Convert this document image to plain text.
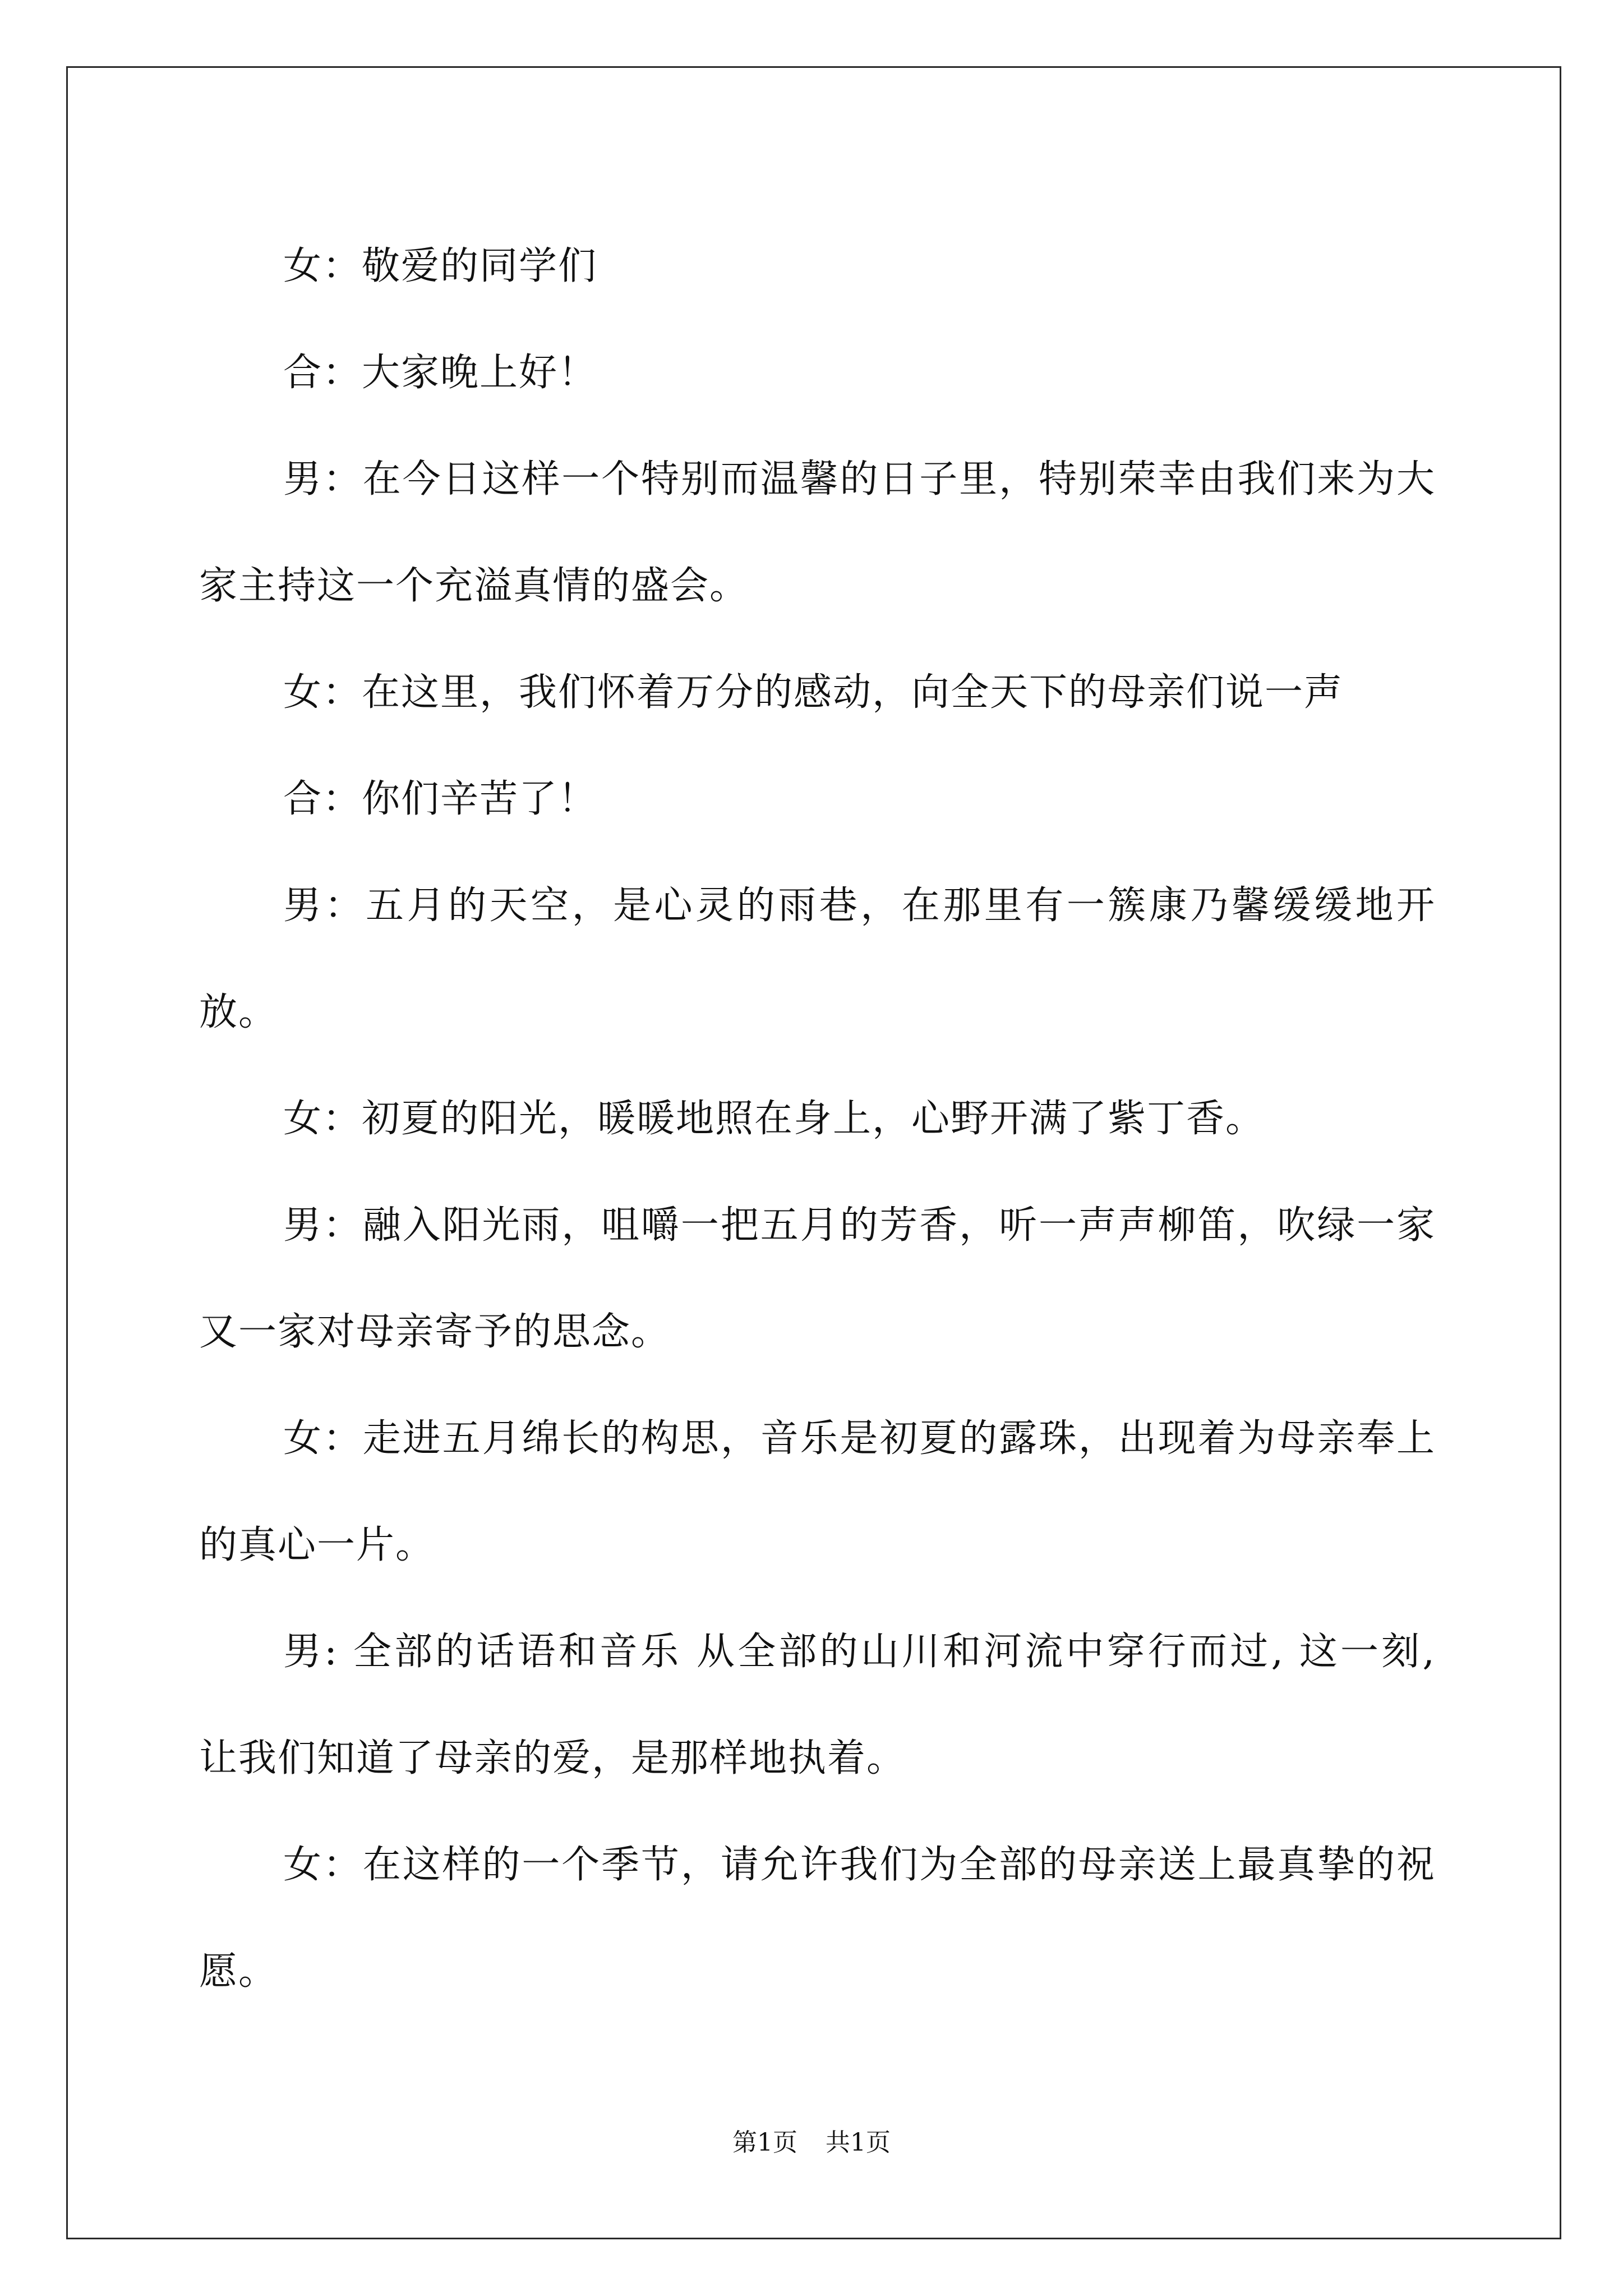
女：敬爱的同学们

合：大家晚上好！

男：在今日这样一个特别而温馨的日子里，特别荣幸由我们来为大家主持这一个充溢真情的盛会。

女：在这里，我们怀着万分的感动，向全天下的母亲们说一声

合：你们辛苦了！

男：五月的天空，是心灵的雨巷，在那里有一簇康乃馨缓缓地开放。

女：初夏的阳光，暖暖地照在身上，心野开满了紫丁香。

男：融入阳光雨，咀嚼一把五月的芳香，听一声声柳笛，吹绿一家又一家对母亲寄予的思念。

女：走进五月绵长的构思，音乐是初夏的露珠，出现着为母亲奉上的真心一片。

男: 全部的话语和音乐 从全部的山川和河流中穿行而过, 这一刻, 让我们知道了母亲的爱，是那样地执着。

女：在这样的一个季节，请允许我们为全部的母亲送上最真挚的祝愿。

第1页 共1页
